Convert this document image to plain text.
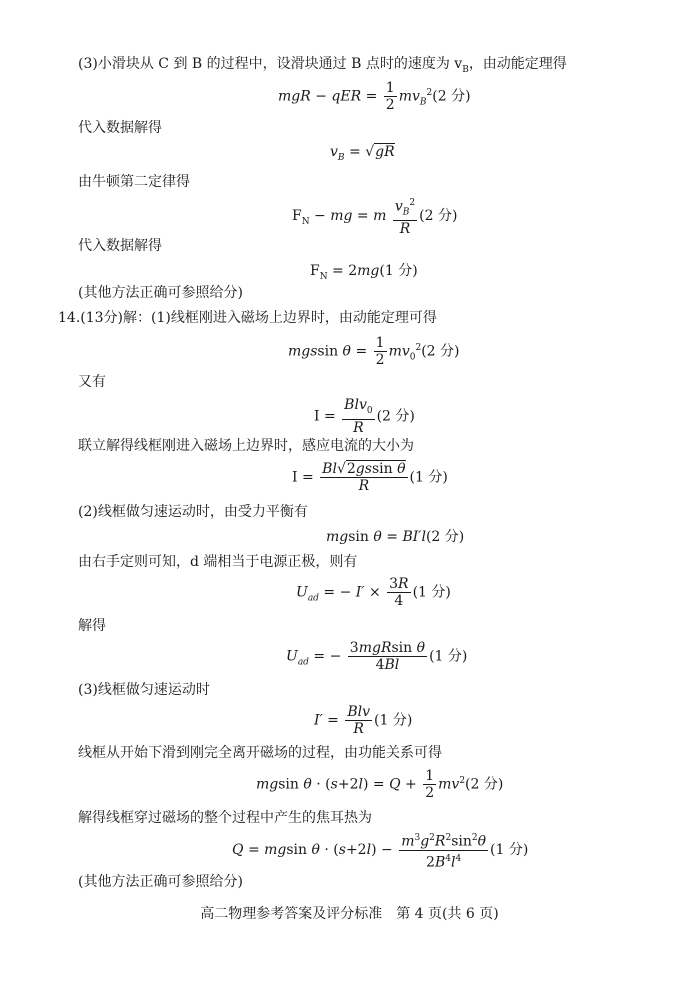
(3)小滑块从 C 到 B 的过程中，设滑块通过 B 点时的速度为 $v_B$，由动能定理得
mgR − qER = $\frac{1}{2} mv_B^2(2$ 分)
代入数据解得
$v_B = √gR$
由牛顿第二定律得
$F_N$ − mg = m $\frac{v_B^2}{R} (2$ 分)
代入数据解得
$F_N = 2mg(1$ 分)
(其他方法正确可参照给分)
14.(13分)解：(1)线框刚进入磁场上边界时，由动能定理可得
mgssin $\theta = \frac{1}{2} mv_0^2(2$ 分)
又有
$I = \frac{Blv_0}{R} (2$ 分)
联立解得线框刚进入磁场上边界时，感应电流的大小为
$I = \frac{\text{Bl√2gssin θ}}{R} (1$ 分)
(2)线框做匀速运动时，由受力平衡有
mgsin θ = BI′l(2 分)
由右手定则可知，d 端相当于电源正极，则有
$U_{ad}$ = − $I' \times \frac{3R}{4} (1$ 分)
解得
$U_{ad}$ = − $\frac{\text{3mgRsin θ}}{4Bl} (1$ 分)
(3)线框做匀速运动时
$I' = \frac{\text{Blv}}{R} (1$ 分)
线框从开始下滑到刚完全离开磁场的过程，由功能关系可得
mgsin $\theta \cdot (s+2l) = Q + \frac{1}{2} mv^2(2$ 分)
解得线框穿过磁场的整个过程中产生的焦耳热为
Q = mgsin $\theta \cdot (s+2l) - \frac{m^3g^2R^2\sin^2\theta}{2B^4l^4} (1$ 分)
(其他方法正确可参照给分)
高二物理参考答案及评分标准　第 4 页(共 6 页)
